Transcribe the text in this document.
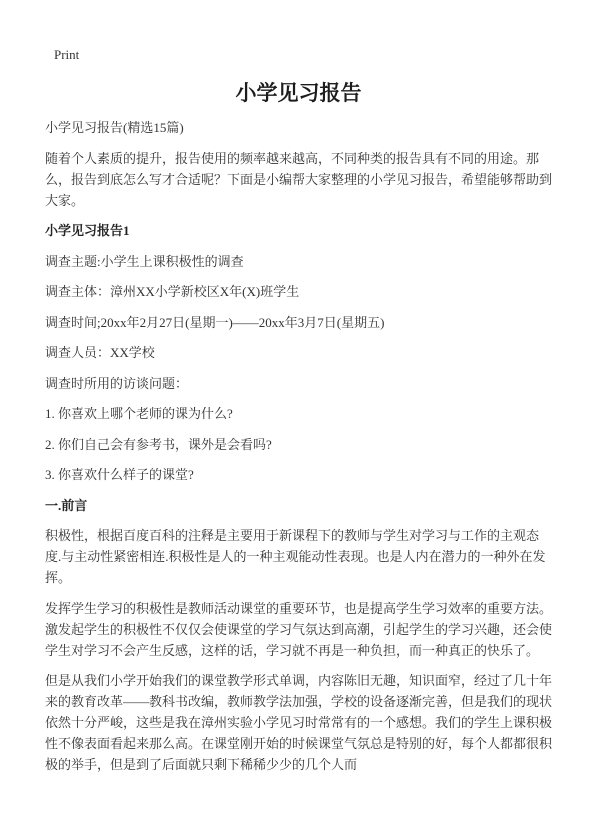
Print
小学见习报告

小学见习报告(精选15篇)

随着个人素质的提升，报告使用的频率越来越高，不同种类的报告具有不同的用途。那么，报告到底怎么写才合适呢？下面是小编帮大家整理的小学见习报告，希望能够帮助到大家。

小学见习报告1

调查主题:小学生上课积极性的调查

调查主体：漳州XX小学新校区X年(X)班学生

调查时间;20xx年2月27日(星期一)——20xx年3月7日(星期五)

调查人员：XX学校

调查时所用的访谈问题：

1. 你喜欢上哪个老师的课为什么?

2. 你们自己会有参考书，课外是会看吗?

3. 你喜欢什么样子的课堂?

一.前言

积极性，根据百度百科的注释是主要用于新课程下的教师与学生对学习与工作的主观态度.与主动性紧密相连.积极性是人的一种主观能动性表现。也是人内在潜力的一种外在发挥。

发挥学生学习的积极性是教师活动课堂的重要环节，也是提高学生学习效率的重要方法。激发起学生的积极性不仅仅会使课堂的学习气氛达到高潮，引起学生的学习兴趣，还会使学生对学习不会产生反感，这样的话，学习就不再是一种负担，而一种真正的快乐了。

但是从我们小学开始我们的课堂教学形式单调，内容陈旧无趣，知识面窄，经过了几十年来的教育改革——教科书改编，教师教学法加强，学校的设备逐渐完善，但是我们的现状依然十分严峻，这些是我在漳州实验小学见习时常常有的一个感想。我们的学生上课积极性不像表面看起来那么高。在课堂刚开始的时候课堂气氛总是特别的好，每个人都都很积极的举手，但是到了后面就只剩下稀稀少少的几个人而
